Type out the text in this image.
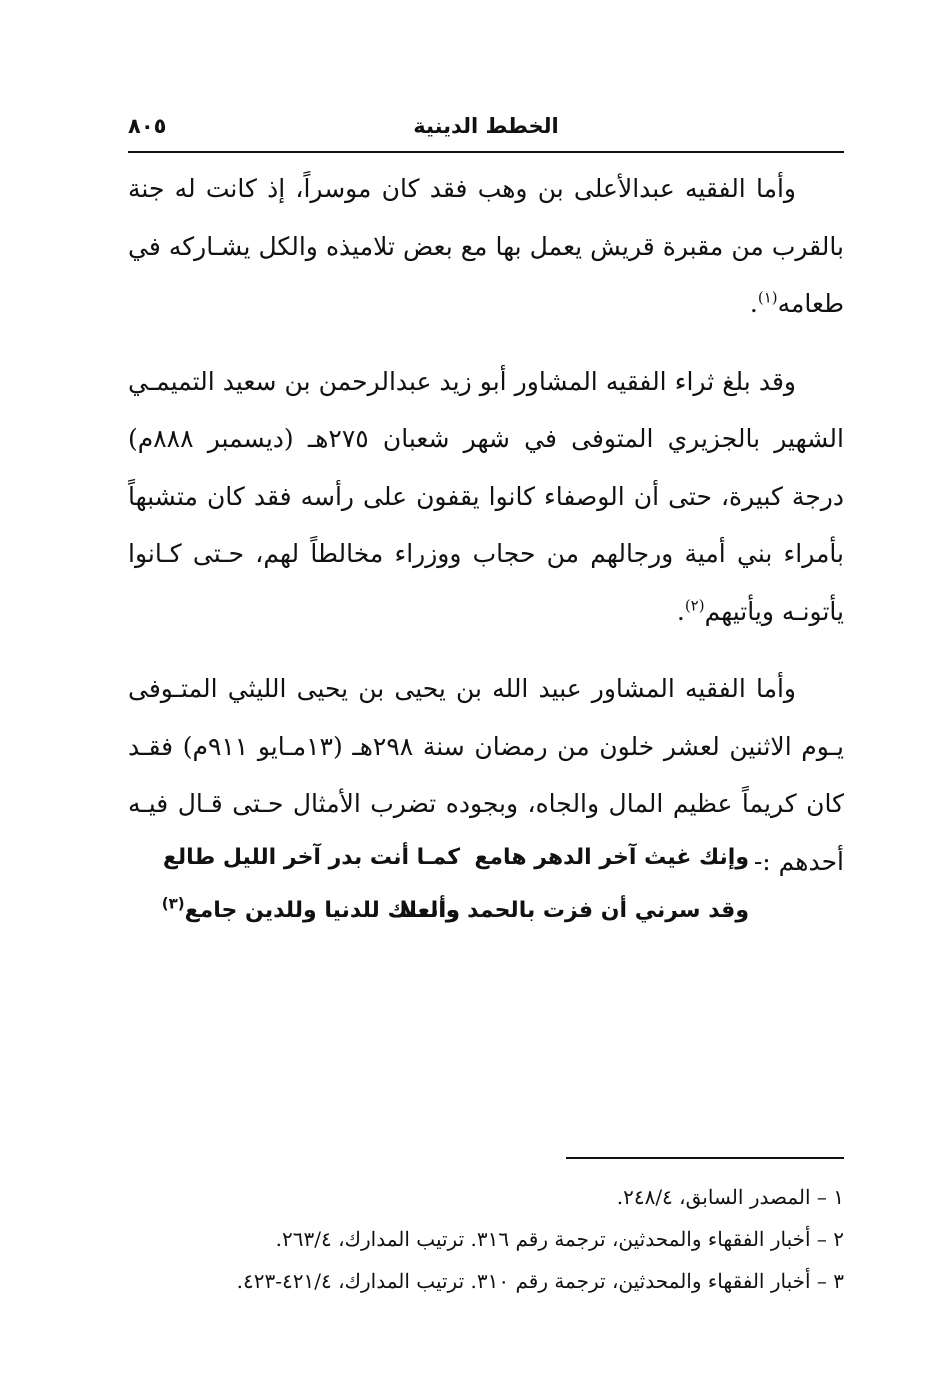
الخطط الدينية
٨٠٥

وأما الفقيه عبدالأعلى بن وهب فقد كان موسراً، إذ كانت له جنة بالقرب من مقبرة قريش يعمل بها مع بعض تلاميذه والكل يشـاركه في طعامه$^{(١)}$.

وقد بلغ ثراء الفقيه المشاور أبو زيد عبدالرحمن بن سعيد التميمـي الشهير بالجزيري المتوفى في شهر شعبان ٢٧٥هـ (ديسمبر ٨٨٨م) درجة كبيرة، حتى أن الوصفاء كانوا يقفون على رأسه فقد كان متشبهاً بأمراء بني أمية ورجالهم من حجاب ووزراء مخالطاً لهم، حـتى كـانوا يأتونـه ويأتيهم$^{(٢)}$.

وأما الفقيه المشاور عبيد الله بن يحيى بن يحيى الليثي المتـوفى يـوم الاثنين لعشر خلون من رمضان سنة ٢٩٨هـ (١٣مـايو ٩١١م) فقـد كان كريماً عظيم المال والجاه، وبجوده تضرب الأمثال حـتى قـال فيـه أحدهم :-

وإنك غيث آخر الدهر هامع
كمـا أنت بدر آخر الليل طالع
وقد سرني أن فزت بالحمد والعلا
وأنـــك للدنيا وللدين جامع$^{(٣)}$

١ – المصدر السابق، ٢٤٨/٤.

٢ – أخبار الفقهاء والمحدثين، ترجمة رقم ٣١٦. ترتيب المدارك، ٢٦٣/٤.

٣ – أخبار الفقهاء والمحدثين، ترجمة رقم ٣١٠. ترتيب المدارك، ٤٢١/٤-٤٢٣.
